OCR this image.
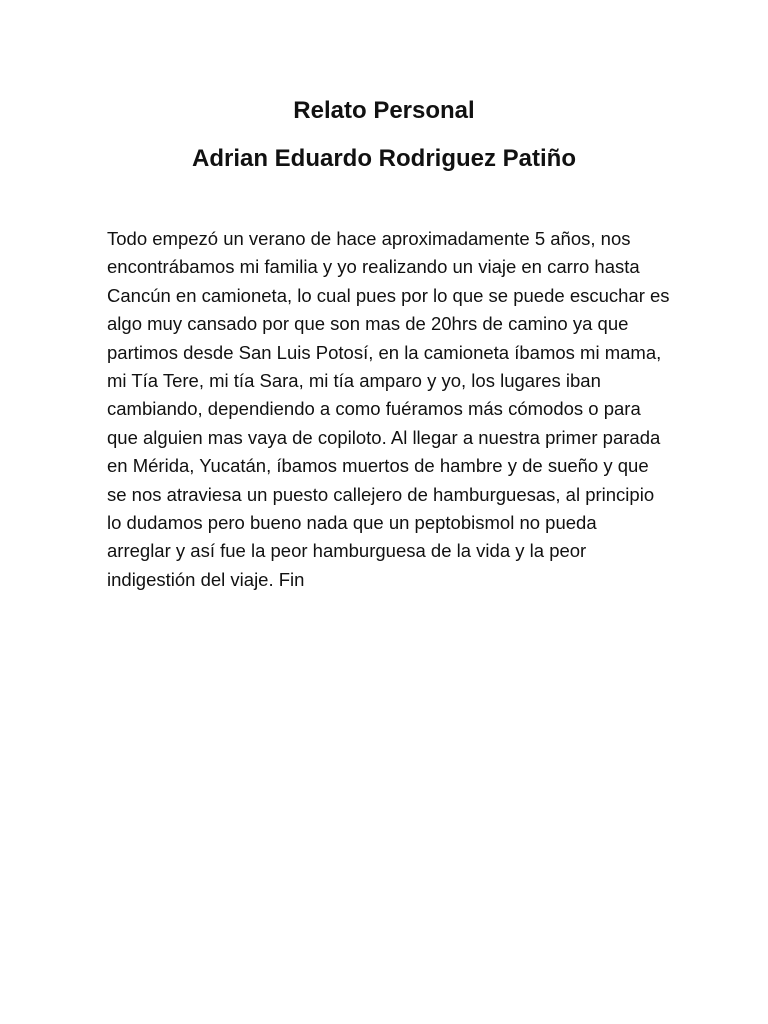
Relato Personal
Adrian Eduardo Rodriguez Patiño
Todo empezó un verano de hace aproximadamente 5 años, nos
encontrábamos mi familia y yo realizando un viaje en carro hasta
Cancún en camioneta, lo cual pues por lo que se puede escuchar es
algo muy cansado por que son mas de 20hrs de camino ya que
partimos desde San Luis Potosí, en la camioneta íbamos mi mama,
mi Tía Tere, mi tía Sara, mi tía amparo y yo, los lugares iban
cambiando, dependiendo a como fuéramos más cómodos o para
que alguien mas vaya de copiloto. Al llegar a nuestra primer parada
en Mérida, Yucatán, íbamos muertos de hambre y de sueño y que
se nos atraviesa un puesto callejero de hamburguesas, al principio
lo dudamos pero bueno nada que un peptobismol no pueda
arreglar y así fue la peor hamburguesa de la vida y la peor
indigestión del viaje. Fin
